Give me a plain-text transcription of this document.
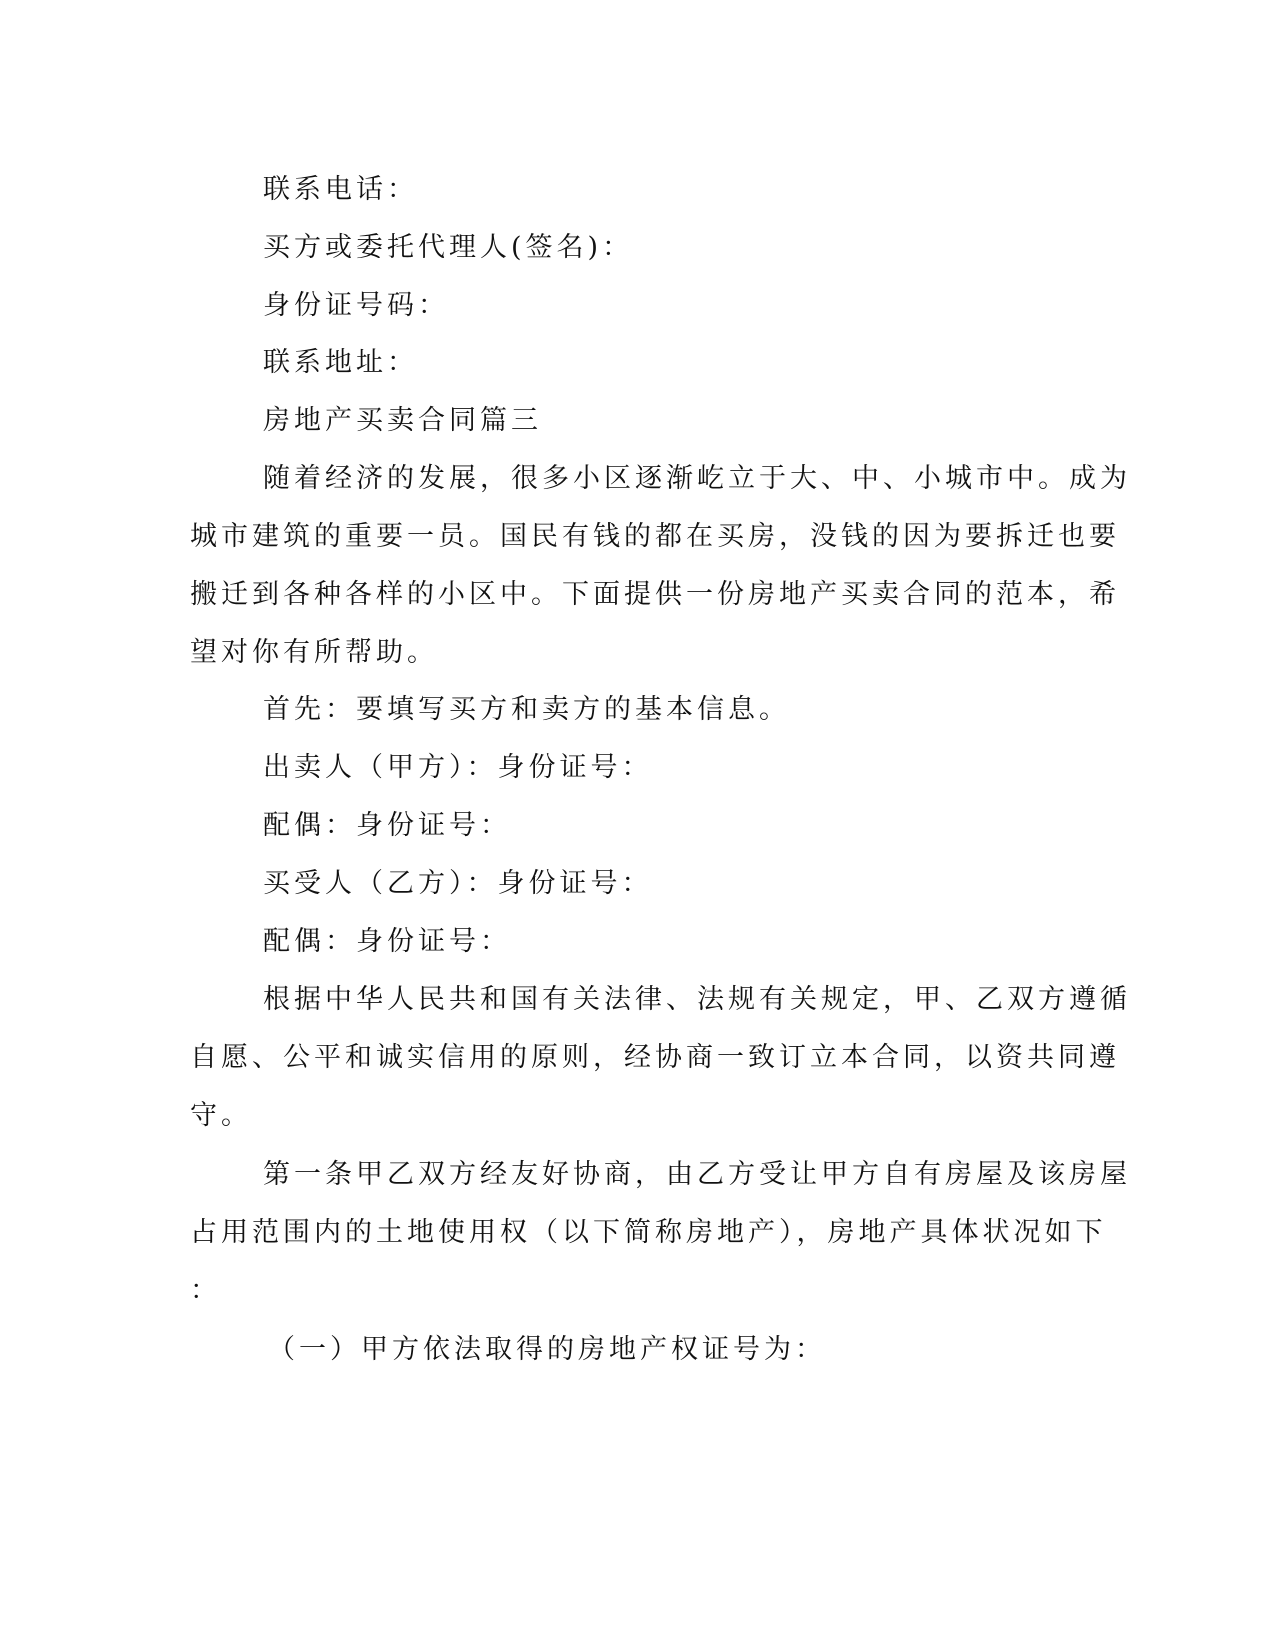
联系电话：
买方或委托代理人(签名)：
身份证号码：
联系地址：
房地产买卖合同篇三
随着经济的发展，很多小区逐渐屹立于大、中、小城市中。成为
城市建筑的重要一员。国民有钱的都在买房，没钱的因为要拆迁也要
搬迁到各种各样的小区中。下面提供一份房地产买卖合同的范本，希
望对你有所帮助。
首先：要填写买方和卖方的基本信息。
出卖人（甲方）：身份证号：
配偶：身份证号：
买受人（乙方）：身份证号：
配偶：身份证号：
根据中华人民共和国有关法律、法规有关规定，甲、乙双方遵循
自愿、公平和诚实信用的原则，经协商一致订立本合同，以资共同遵
守。
第一条甲乙双方经友好协商，由乙方受让甲方自有房屋及该房屋
占用范围内的土地使用权（以下简称房地产），房地产具体状况如下
：
（一）甲方依法取得的房地产权证号为：
